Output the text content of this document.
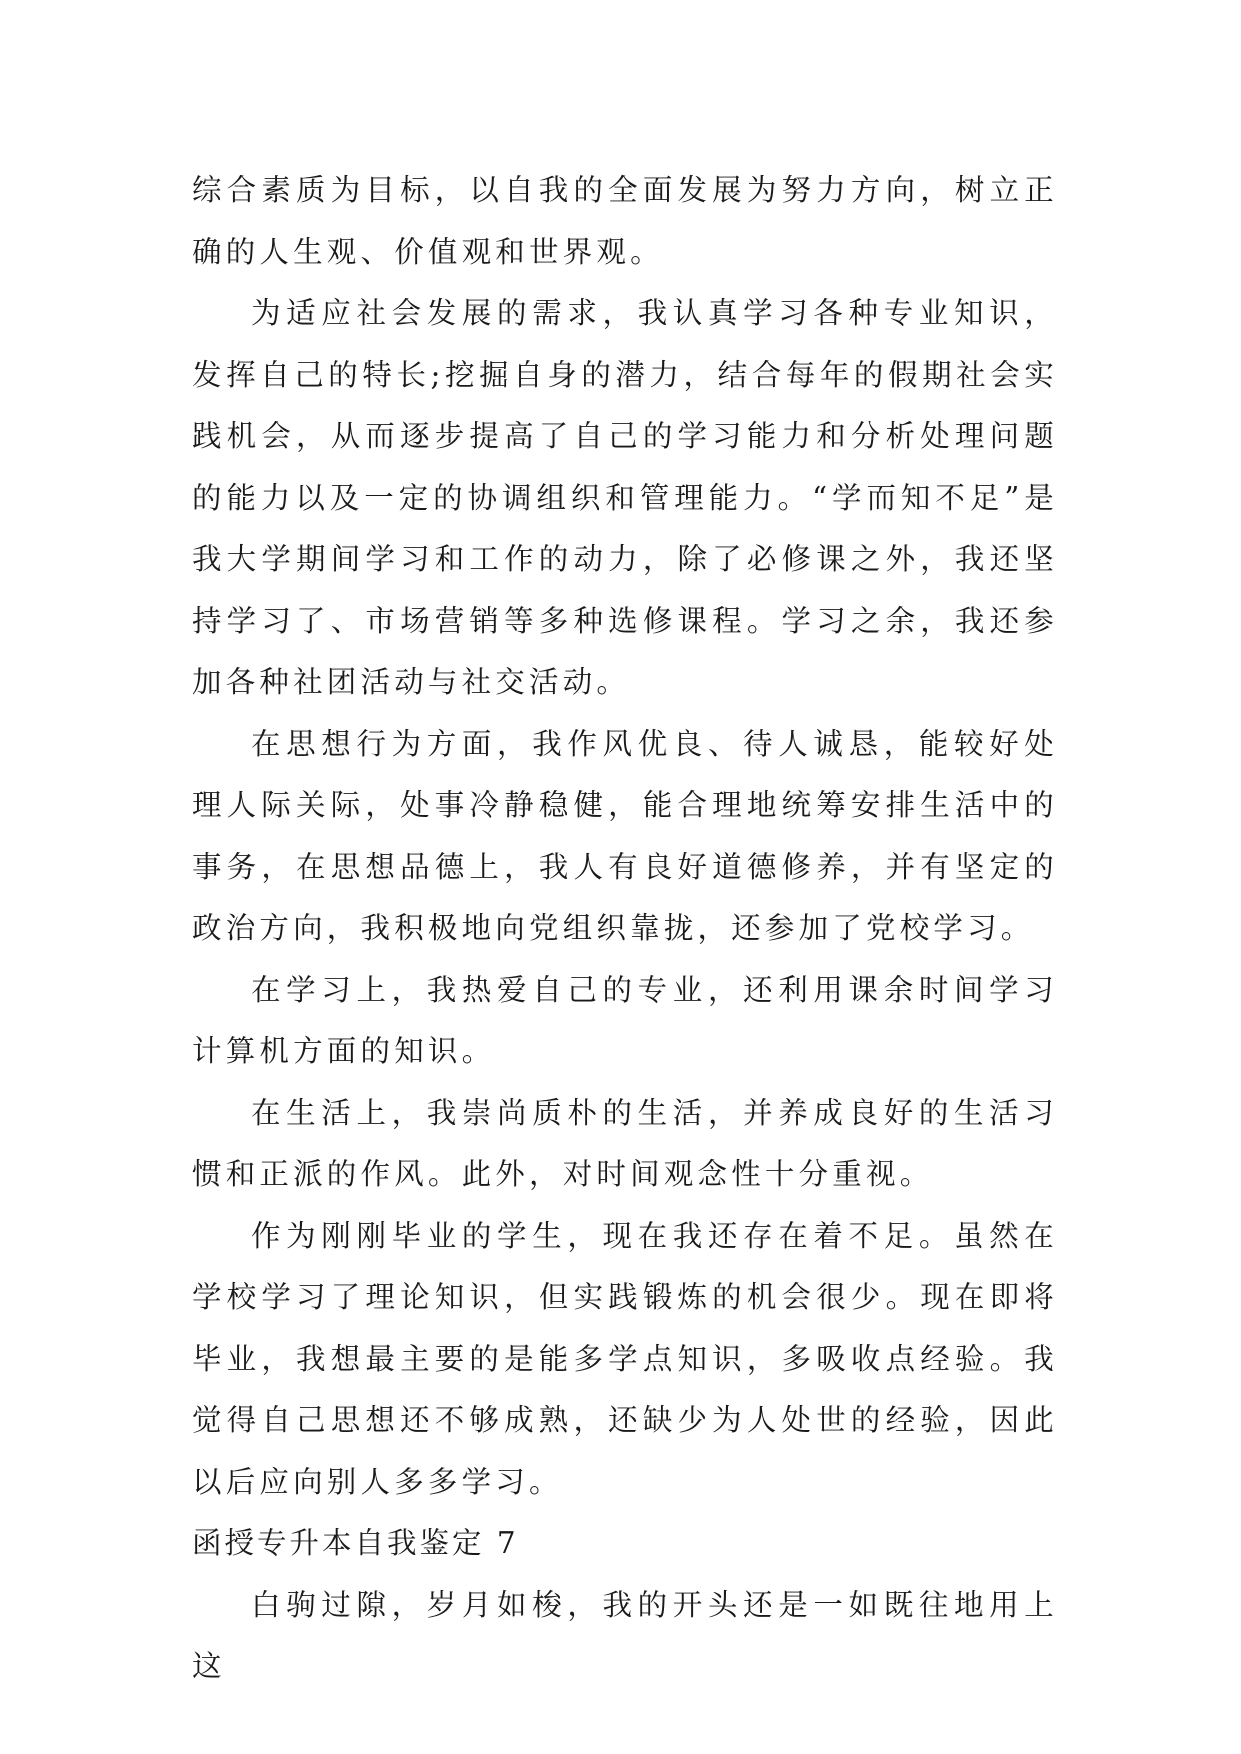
综合素质为目标，以自我的全面发展为努力方向，树立正确的人生观、价值观和世界观。

为适应社会发展的需求，我认真学习各种专业知识，发挥自己的特长;挖掘自身的潜力，结合每年的假期社会实践机会，从而逐步提高了自己的学习能力和分析处理问题的能力以及一定的协调组织和管理能力。“学而知不足”是我大学期间学习和工作的动力，除了必修课之外，我还坚持学习了、市场营销等多种选修课程。学习之余，我还参加各种社团活动与社交活动。

在思想行为方面，我作风优良、待人诚恳，能较好处理人际关际，处事冷静稳健，能合理地统筹安排生活中的事务，在思想品德上，我人有良好道德修养，并有坚定的政治方向，我积极地向党组织靠拢，还参加了党校学习。

在学习上，我热爱自己的专业，还利用课余时间学习计算机方面的知识。

在生活上，我崇尚质朴的生活，并养成良好的生活习惯和正派的作风。此外，对时间观念性十分重视。

作为刚刚毕业的学生，现在我还存在着不足。虽然在学校学习了理论知识，但实践锻炼的机会很少。现在即将毕业，我想最主要的是能多学点知识，多吸收点经验。我觉得自己思想还不够成熟，还缺少为人处世的经验，因此以后应向别人多多学习。

函授专升本自我鉴定 7

白驹过隙，岁月如梭，我的开头还是一如既往地用上这
